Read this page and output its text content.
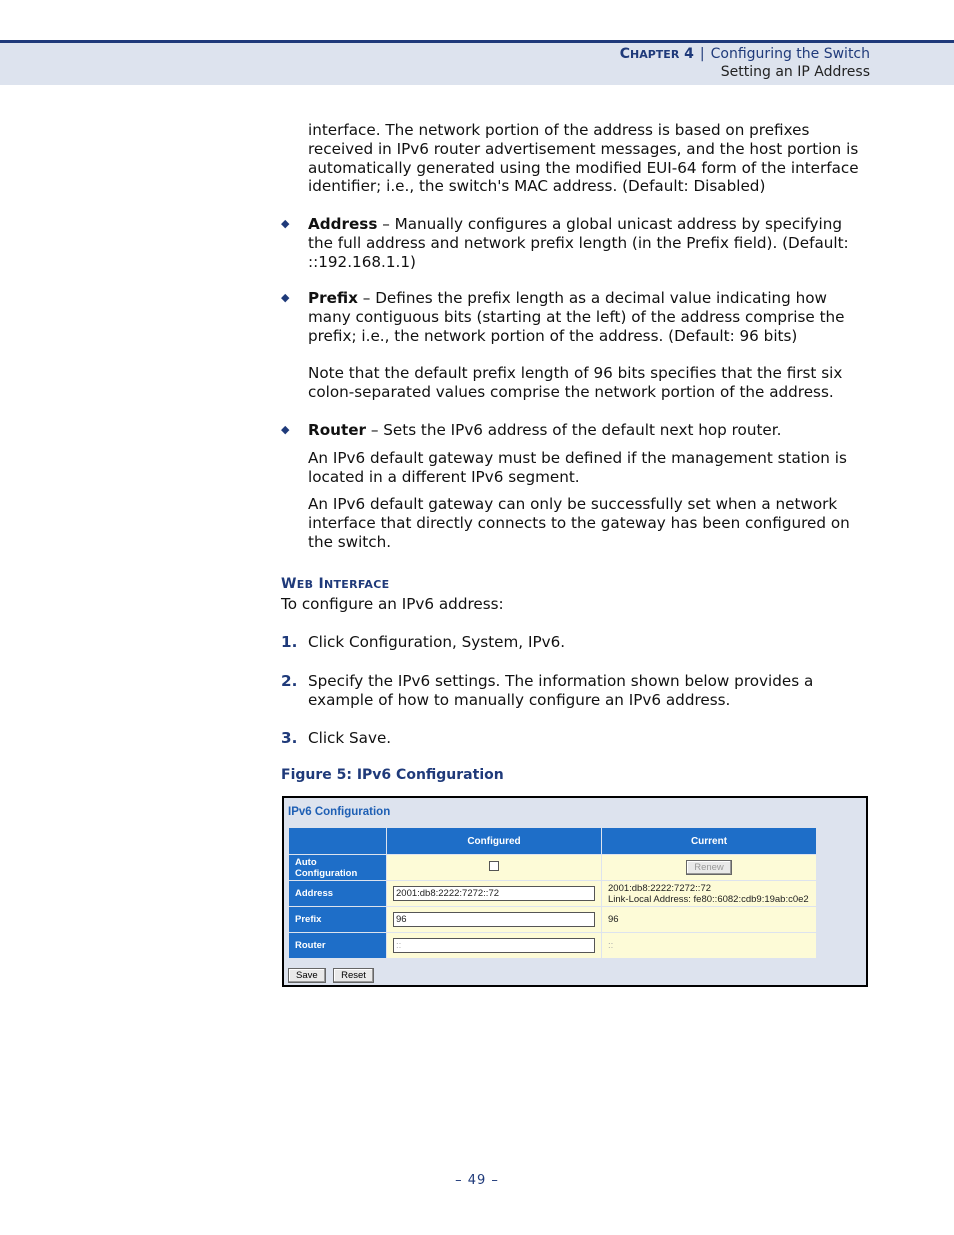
CHAPTER 4 | Configuring the Switch
Setting an IP Address
interface. The network portion of the address is based on prefixes received in IPv6 router advertisement messages, and the host portion is automatically generated using the modified EUI-64 form of the interface identifier; i.e., the switch's MAC address. (Default: Disabled)
◆ Address – Manually configures a global unicast address by specifying the full address and network prefix length (in the Prefix field). (Default: ::192.168.1.1)
◆ Prefix – Defines the prefix length as a decimal value indicating how many contiguous bits (starting at the left) of the address comprise the prefix; i.e., the network portion of the address. (Default: 96 bits)
Note that the default prefix length of 96 bits specifies that the first six colon-separated values comprise the network portion of the address.
◆ Router – Sets the IPv6 address of the default next hop router.
An IPv6 default gateway must be defined if the management station is located in a different IPv6 segment.
An IPv6 default gateway can only be successfully set when a network interface that directly connects to the gateway has been configured on the switch.
WEB INTERFACE
To configure an IPv6 address:
1. Click Configuration, System, IPv6.
2. Specify the IPv6 settings. The information shown below provides a example of how to manually configure an IPv6 address.
3. Click Save.
Figure 5: IPv6 Configuration
IPv6 Configuration
	Configured	Current
Auto Configuration		Renew
Address	2001:db8:2222:7272::72	2001:db8:2222:7272::72
Link-Local Address: fe80::6082:cdb9:19ab:c0e2

Prefix	96	96
Router	::	::
Save Reset
– 49 –
